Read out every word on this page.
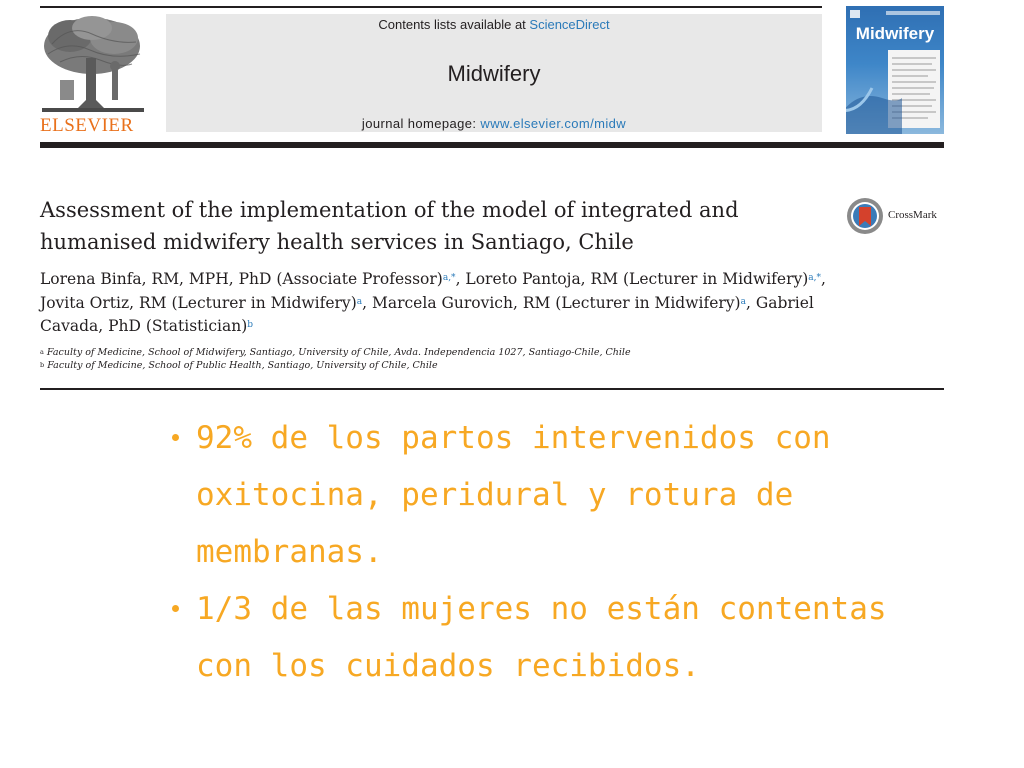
ELSEVIER
Contents lists available at ScienceDirect
Midwifery
journal homepage: www.elsevier.com/midw
Midwifery
Assessment of the implementation of the model of integrated and humanised midwifery health services in Santiago, Chile
CrossMark
Lorena Binfa, RM, MPH, PhD (Associate Professor)$^{a,*}$, Loreto Pantoja, RM (Lecturer in Midwifery)$^{a,*}$, Jovita Ortiz, RM (Lecturer in Midwifery)$^a$, Marcela Gurovich, RM (Lecturer in Midwifery)$^a$, Gabriel Cavada, PhD (Statistician)$^b$
$^a$ Faculty of Medicine, School of Midwifery, Santiago, University of Chile, Avda. Independencia 1027, Santiago-Chile, Chile
$^b$ Faculty of Medicine, School of Public Health, Santiago, University of Chile, Chile
92% de los partos intervenidos con oxitocina, peridural y rotura de membranas.
1/3 de las mujeres no están contentas con los cuidados recibidos.
